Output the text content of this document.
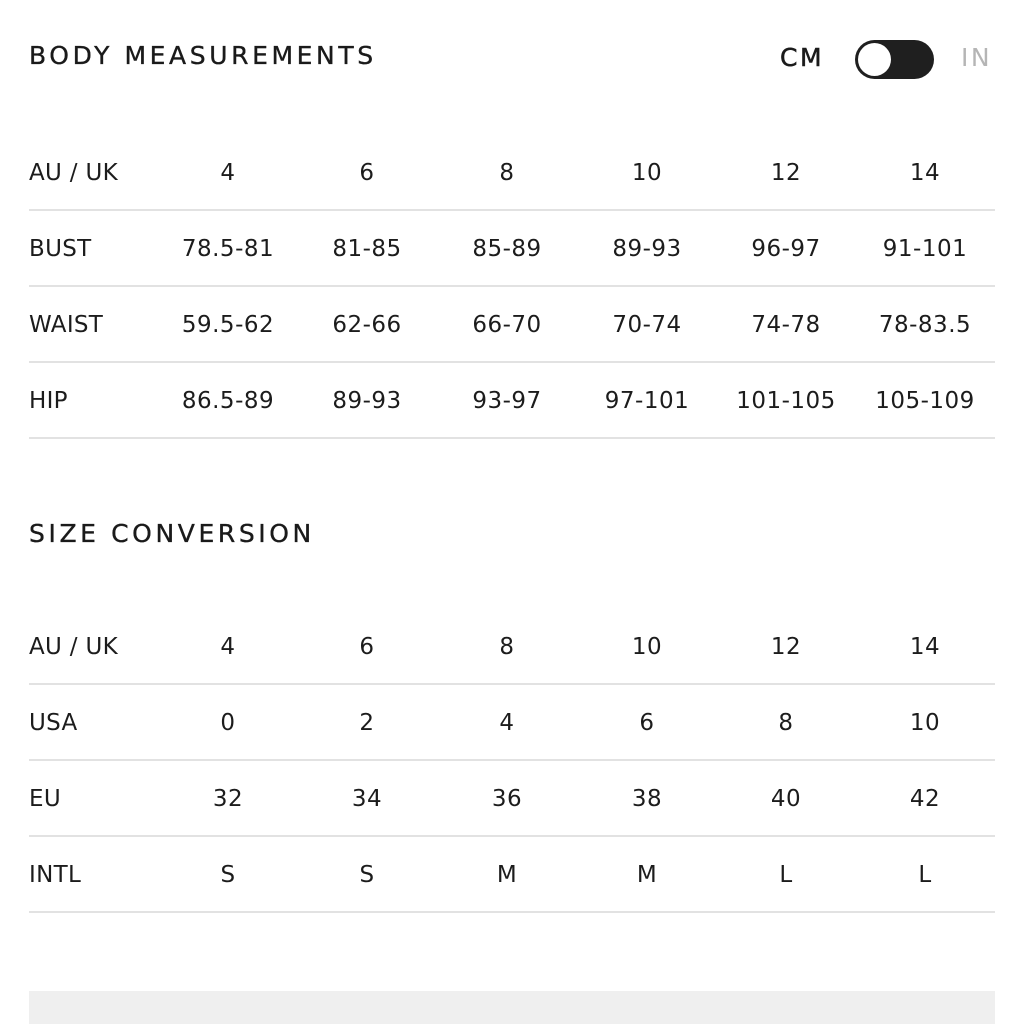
BODY MEASUREMENTS	CM	IN
AU / UK	4	6	8	10	12	14
BUST	78.5-81	81-85	85-89	89-93	96-97	91-101
WAIST	59.5-62	62-66	66-70	70-74	74-78	78-83.5
HIP	86.5-89	89-93	93-97	97-101	101-105	105-109
SIZE CONVERSION
AU / UK	4	6	8	10	12	14
USA	0	2	4	6	8	10
EU	32	34	36	38	40	42
INTL	S	S	M	M	L	L
